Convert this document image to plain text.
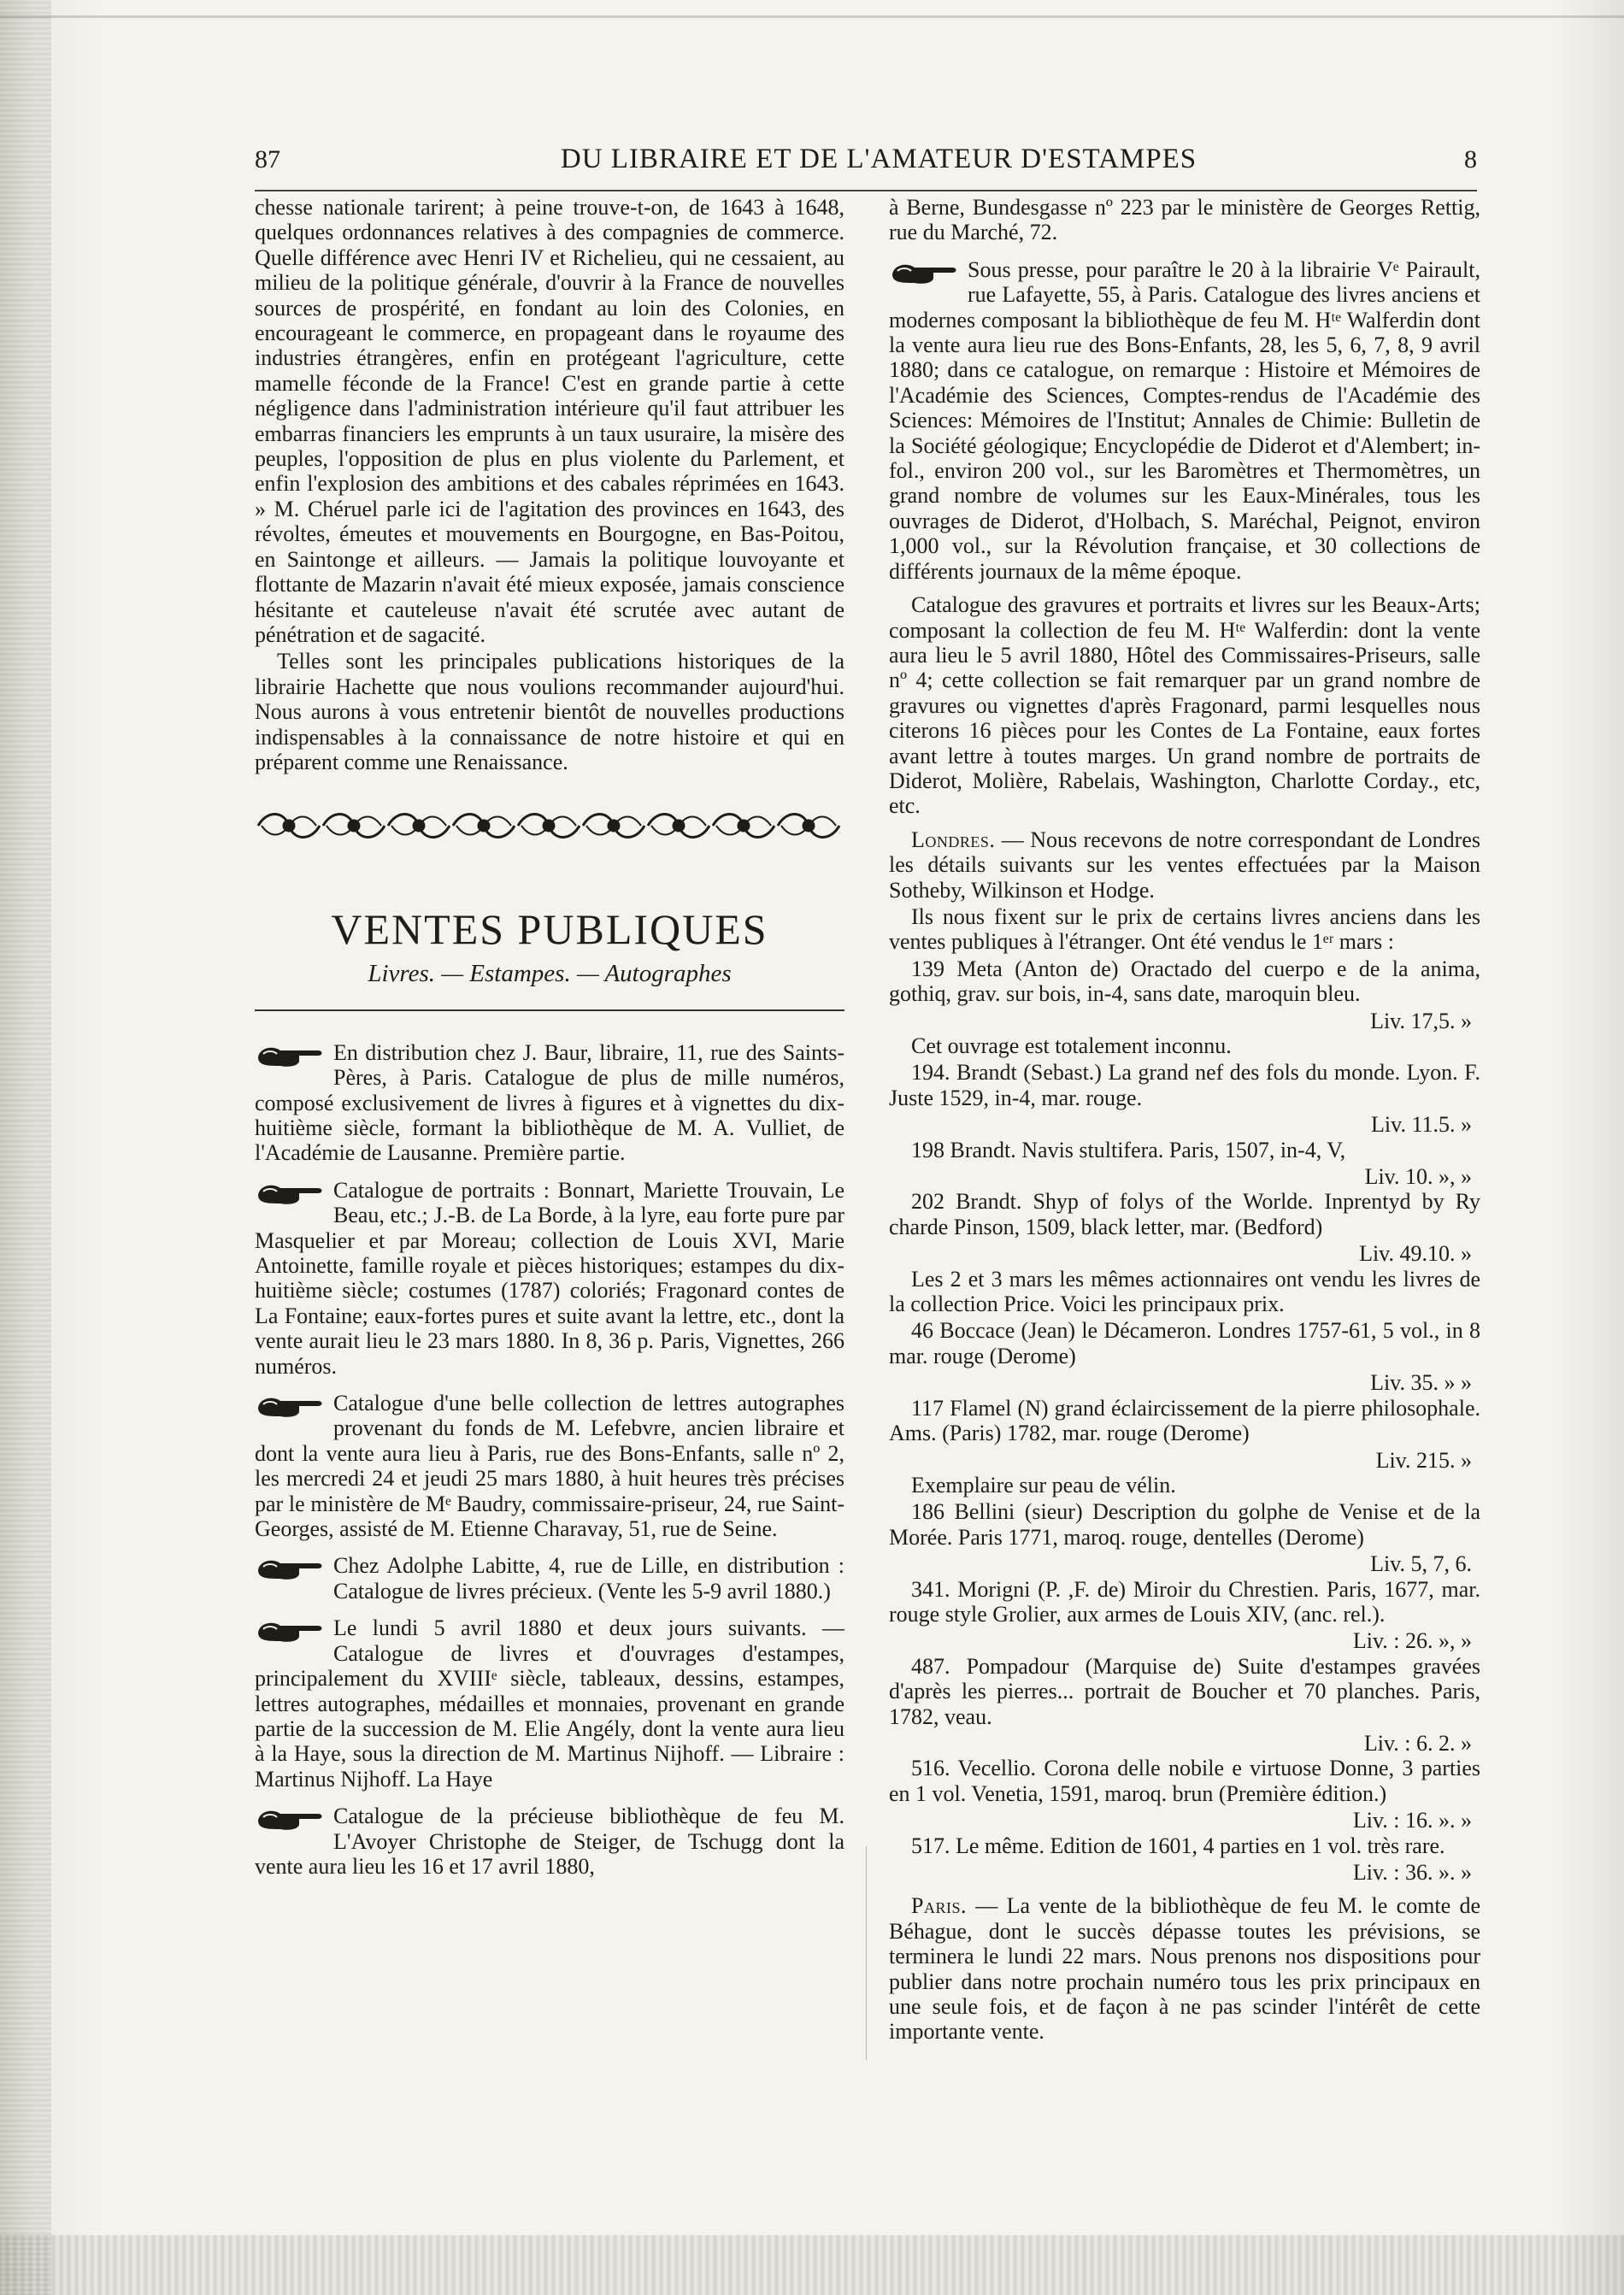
87	DU LIBRAIRE ET DE L'AMATEUR D'ESTAMPES	8

chesse nationale tarirent; à peine trouve-t-on, de 1643 à 1648, quelques ordonnances relatives à des compagnies de commerce. Quelle différence avec Henri IV et Richelieu, qui ne cessaient, au milieu de la politique générale, d'ouvrir à la France de nouvelles sources de prospérité, en fondant au loin des Colonies, en encourageant le commerce, en propageant dans le royaume des industries étrangères, enfin en protégeant l'agriculture, cette mamelle féconde de la France! C'est en grande partie à cette négligence dans l'administration intérieure qu'il faut attribuer les embarras financiers les emprunts à un taux usuraire, la misère des peuples, l'opposition de plus en plus violente du Parlement, et enfin l'explosion des ambitions et des cabales réprimées en 1643. » M. Chéruel parle ici de l'agitation des provinces en 1643, des révoltes, émeutes et mouvements en Bourgogne, en Bas-Poitou, en Saintonge et ailleurs. — Jamais la politique louvoyante et flottante de Mazarin n'avait été mieux exposée, jamais conscience hésitante et cauteleuse n'avait été scrutée avec autant de pénétration et de sagacité.

Telles sont les principales publications historiques de la librairie Hachette que nous voulions recommander aujourd'hui. Nous aurons à vous entretenir bientôt de nouvelles productions indispensables à la connaissance de notre histoire et qui en préparent comme une Renaissance.

VENTES PUBLIQUES
Livres. — Estampes. — Autographes
En distribution chez J. Baur, libraire, 11, rue des Saints-Pères, à Paris. Catalogue de plus de mille numéros, composé exclusivement de livres à figures et à vignettes du dix-huitième siècle, formant la bibliothèque de M. A. Vulliet, de l'Académie de Lausanne. Première partie.
Catalogue de portraits : Bonnart, Mariette Trouvain, Le Beau, etc.; J.-B. de La Borde, à la lyre, eau forte pure par Masquelier et par Moreau; collection de Louis XVI, Marie Antoinette, famille royale et pièces historiques; estampes du dix-huitième siècle; costumes (1787) coloriés; Fragonard contes de La Fontaine; eaux-fortes pures et suite avant la lettre, etc., dont la vente aurait lieu le 23 mars 1880. In 8, 36 p. Paris, Vignettes, 266 numéros.
Catalogue d'une belle collection de lettres autographes provenant du fonds de M. Lefebvre, ancien libraire et dont la vente aura lieu à Paris, rue des Bons-Enfants, salle nº 2, les mercredi 24 et jeudi 25 mars 1880, à huit heures très précises par le ministère de Mᵉ Baudry, commissaire-priseur, 24, rue Saint-Georges, assisté de M. Etienne Charavay, 51, rue de Seine.
Chez Adolphe Labitte, 4, rue de Lille, en distribution : Catalogue de livres précieux. (Vente les 5-9 avril 1880.)
Le lundi 5 avril 1880 et deux jours suivants. — Catalogue de livres et d'ouvrages d'estampes, principalement du XVIIIᵉ siècle, tableaux, dessins, estampes, lettres autographes, médailles et monnaies, provenant en grande partie de la succession de M. Elie Angély, dont la vente aura lieu à la Haye, sous la direction de M. Martinus Nijhoff. — Libraire : Martinus Nijhoff. La Haye
Catalogue de la précieuse bibliothèque de feu M. L'Avoyer Christophe de Steiger, de Tschugg dont la vente aura lieu les 16 et 17 avril 1880,

à Berne, Bundesgasse nº 223 par le ministère de Georges Rettig, rue du Marché, 72.

Sous presse, pour paraître le 20 à la librairie Vᵉ Pairault, rue Lafayette, 55, à Paris. Catalogue des livres anciens et modernes composant la bibliothèque de feu M. Hᵗᵉ Walferdin dont la vente aura lieu rue des Bons-Enfants, 28, les 5, 6, 7, 8, 9 avril 1880; dans ce catalogue, on remarque : Histoire et Mémoires de l'Académie des Sciences, Comptes-rendus de l'Académie des Sciences: Mémoires de l'Institut; Annales de Chimie: Bulletin de la Société géologique; Encyclopédie de Diderot et d'Alembert; in-fol., environ 200 vol., sur les Baromètres et Thermomètres, un grand nombre de volumes sur les Eaux-Minérales, tous les ouvrages de Diderot, d'Holbach, S. Maréchal, Peignot, environ 1,000 vol., sur la Révolution française, et 30 collections de différents journaux de la même époque.

Catalogue des gravures et portraits et livres sur les Beaux-Arts; composant la collection de feu M. Hᵗᵉ Walferdin: dont la vente aura lieu le 5 avril 1880, Hôtel des Commissaires-Priseurs, salle nº 4; cette collection se fait remarquer par un grand nombre de gravures ou vignettes d'après Fragonard, parmi lesquelles nous citerons 16 pièces pour les Contes de La Fontaine, eaux fortes avant lettre à toutes marges. Un grand nombre de portraits de Diderot, Molière, Rabelais, Washington, Charlotte Corday., etc, etc.

Londres. — Nous recevons de notre correspondant de Londres les détails suivants sur les ventes effectuées par la Maison Sotheby, Wilkinson et Hodge.

Ils nous fixent sur le prix de certains livres anciens dans les ventes publiques à l'étranger. Ont été vendus le 1ᵉʳ mars :

139 Meta (Anton de) Oractado del cuerpo e de la anima, gothiq, grav. sur bois, in-4, sans date, maroquin bleu.

Liv. 17,5. »

Cet ouvrage est totalement inconnu.

194. Brandt (Sebast.) La grand nef des fols du monde. Lyon. F. Juste 1529, in-4, mar. rouge.

Liv. 11.5. »

198 Brandt. Navis stultifera. Paris, 1507, in-4, V,

Liv. 10. », »

202 Brandt. Shyp of folys of the Worlde. Inprentyd by Ry charde Pinson, 1509, black letter, mar. (Bedford)

Liv. 49.10. »

Les 2 et 3 mars les mêmes actionnaires ont vendu les livres de la collection Price. Voici les principaux prix.

46 Boccace (Jean) le Décameron. Londres 1757-61, 5 vol., in 8 mar. rouge (Derome)

Liv. 35. » »

117 Flamel (N) grand éclaircissement de la pierre philosophale. Ams. (Paris) 1782, mar. rouge (Derome)

Liv. 215. »

Exemplaire sur peau de vélin.

186 Bellini (sieur) Description du golphe de Venise et de la Morée. Paris 1771, maroq. rouge, dentelles (Derome)

Liv. 5, 7, 6.

341. Morigni (P. ,F. de) Miroir du Chrestien. Paris, 1677, mar. rouge style Grolier, aux armes de Louis XIV, (anc. rel.).

Liv. : 26. », »

487. Pompadour (Marquise de) Suite d'estampes gravées d'après les pierres... portrait de Boucher et 70 planches. Paris, 1782, veau.

Liv. : 6. 2. »

516. Vecellio. Corona delle nobile e virtuose Donne, 3 parties en 1 vol. Venetia, 1591, maroq. brun (Première édition.)

Liv. : 16. ». »

517. Le même. Edition de 1601, 4 parties en 1 vol. très rare.

Liv. : 36. ». »

Paris. — La vente de la bibliothèque de feu M. le comte de Béhague, dont le succès dépasse toutes les prévisions, se terminera le lundi 22 mars. Nous prenons nos dispositions pour publier dans notre prochain numéro tous les prix principaux en une seule fois, et de façon à ne pas scinder l'intérêt de cette importante vente.
